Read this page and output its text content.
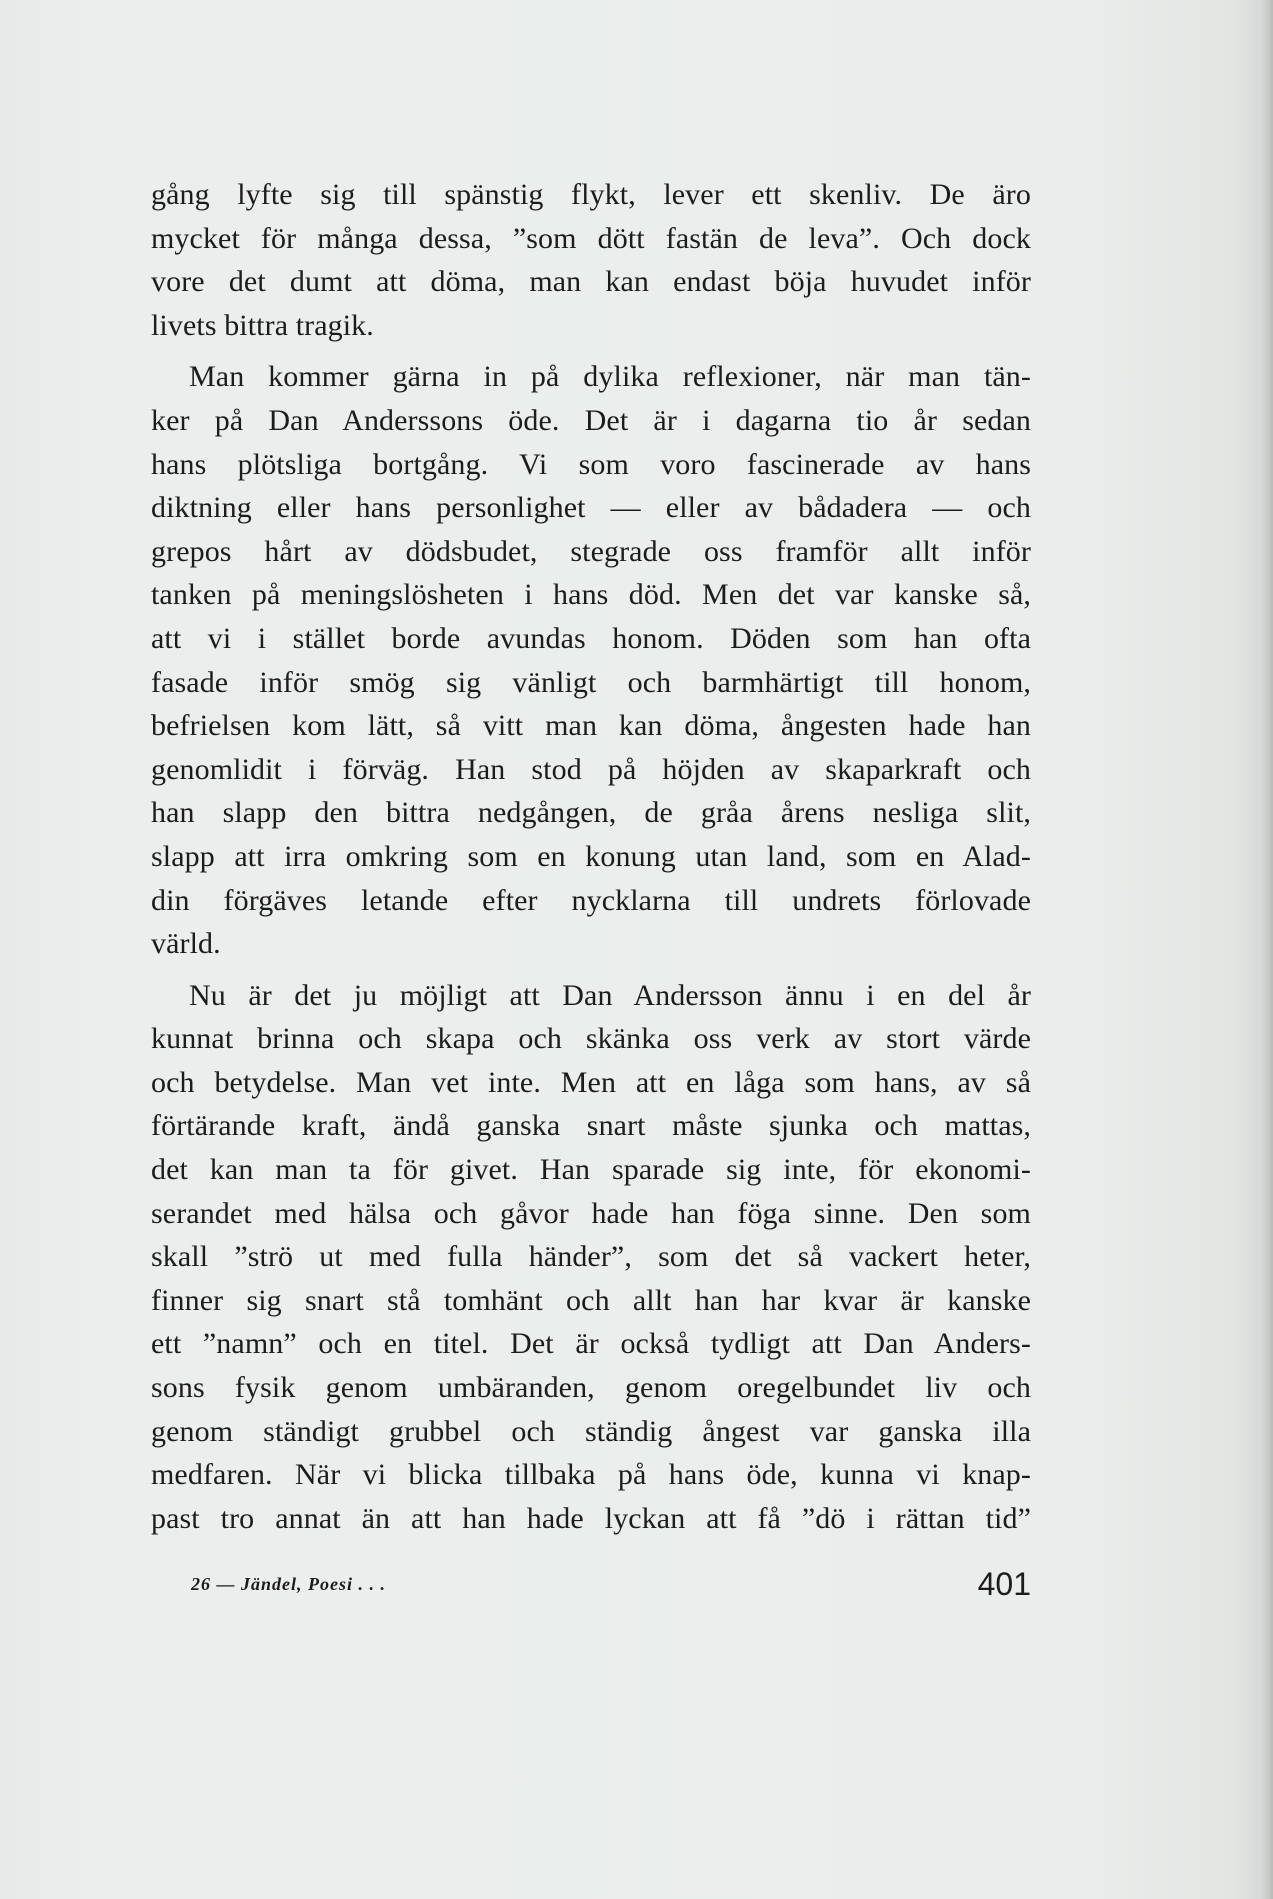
gång lyfte sig till spänstig flykt, lever ett skenliv. De äro
mycket för många dessa, ”som dött fastän de leva”. Och dock
vore det dumt att döma, man kan endast böja huvudet inför
livets bittra tragik.
Man kommer gärna in på dylika reflexioner, när man tän-
ker på Dan Anderssons öde. Det är i dagarna tio år sedan
hans plötsliga bortgång. Vi som voro fascinerade av hans
diktning eller hans personlighet — eller av bådadera — och
grepos hårt av dödsbudet, stegrade oss framför allt inför
tanken på meningslösheten i hans död. Men det var kanske så,
att vi i stället borde avundas honom. Döden som han ofta
fasade inför smög sig vänligt och barmhärtigt till honom,
befrielsen kom lätt, så vitt man kan döma, ångesten hade han
genomlidit i förväg. Han stod på höjden av skaparkraft och
han slapp den bittra nedgången, de gråa årens nesliga slit,
slapp att irra omkring som en konung utan land, som en Alad-
din förgäves letande efter nycklarna till undrets förlovade
värld.
Nu är det ju möjligt att Dan Andersson ännu i en del år
kunnat brinna och skapa och skänka oss verk av stort värde
och betydelse. Man vet inte. Men att en låga som hans, av så
förtärande kraft, ändå ganska snart måste sjunka och mattas,
det kan man ta för givet. Han sparade sig inte, för ekonomi-
serandet med hälsa och gåvor hade han föga sinne. Den som
skall ”strö ut med fulla händer”, som det så vackert heter,
finner sig snart stå tomhänt och allt han har kvar är kanske
ett ”namn” och en titel. Det är också tydligt att Dan Anders-
sons fysik genom umbäranden, genom oregelbundet liv och
genom ständigt grubbel och ständig ångest var ganska illa
medfaren. När vi blicka tillbaka på hans öde, kunna vi knap-
past tro annat än att han hade lyckan att få ”dö i rättan tid”
26 — Jändel, Poesi . . .	401
